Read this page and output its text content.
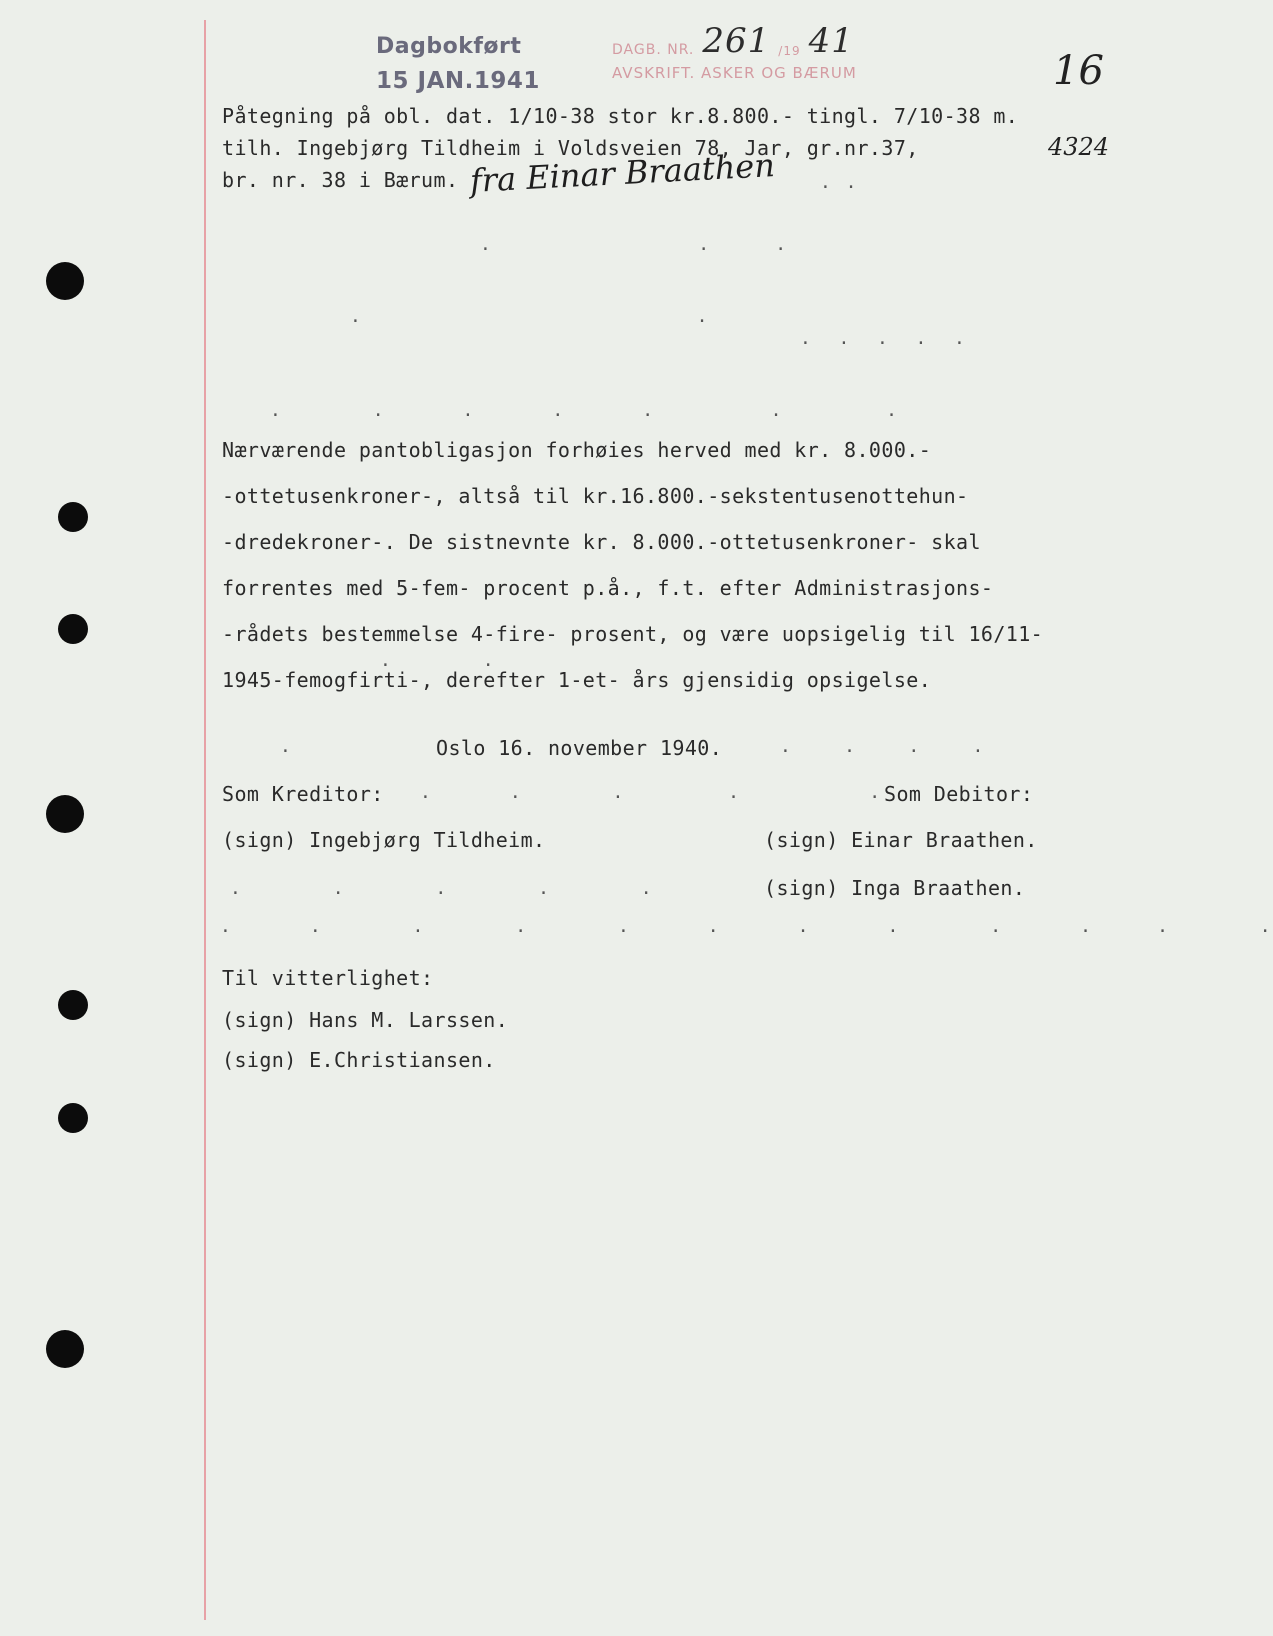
Dagbokført
15 JAN.1941
DAGB. NR. 261 /19 41
AVSKRIFT. ASKER OG BÆRUM	16
4324
Påtegning på obl. dat. 1/10-38 stor kr.8.800.- tingl. 7/10-38 m.
tilh. Ingebjørg Tildheim i Voldsveien 78, Jar, gr.nr.37,
br. nr. 38 i Bærum. fra Einar Braathen . .
.                .     .
.                          .
.  .  .  .  .
.       .      .      .      .         .        .
Nærværende pantobligasjon forhøies herved med kr. 8.000.-
-ottetusenkroner-, altså til kr.16.800.-sekstentusenottehun-
-dredekroner-. De sistnevnte kr. 8.000.-ottetusenkroner- skal
forrentes med 5-fem- procent p.å., f.t. efter Administrasjons-
-rådets bestemmelse 4-fire- prosent, og være uopsigelig til 16/11-
1945-femogfirti-, derefter 1-et- års gjensidig opsigelse.
.       .
.	Oslo 16. november 1940.	.    .    .    .
Som Kreditor: .      .       .        .          . Som Debitor:
(sign) Ingebjørg Tildheim.	(sign) Einar Braathen.
(sign) Inga Braathen.
.       .       .       .       .
.      .       .       .       .      .      .      .       .      .     .       .
Til vitterlighet:
(sign) Hans M. Larssen.
(sign) E.Christiansen.
